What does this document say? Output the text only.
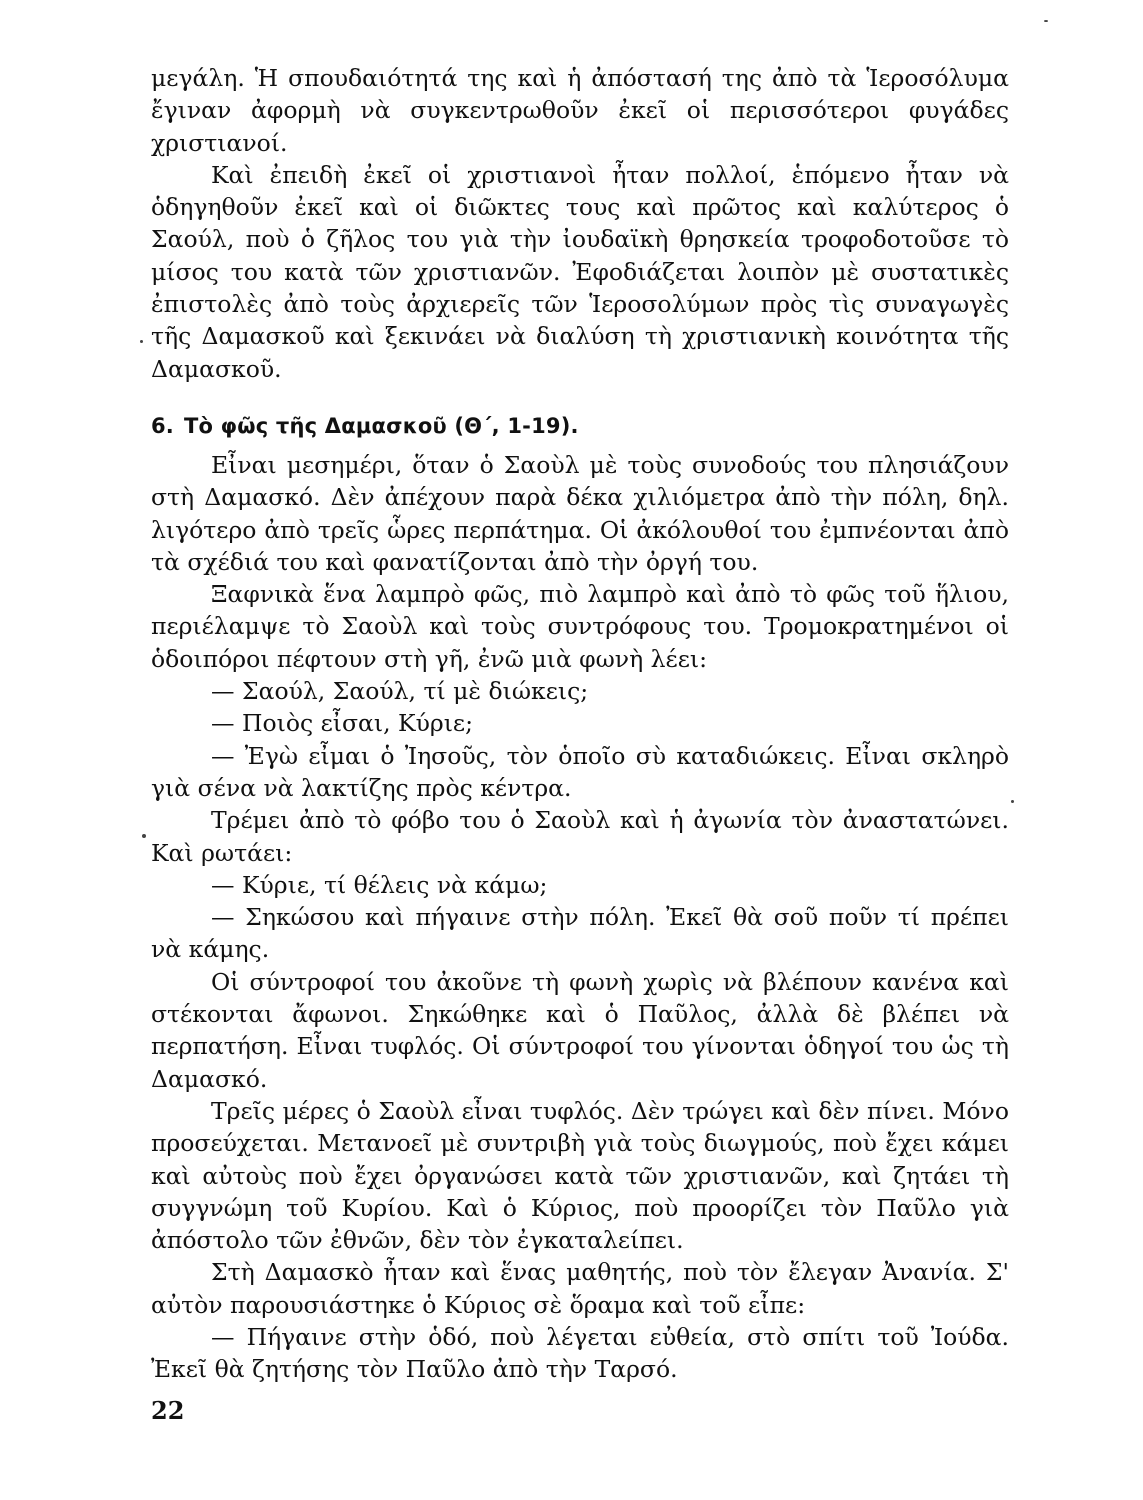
μεγάλη. Ἡ σπουδαιότητά της καὶ ἡ ἀπόστασή της ἀπὸ τὰ Ἱεροσόλυμα ἔγιναν ἀφορμὴ νὰ συγκεντρωθοῦν ἐκεῖ οἱ περισσότεροι φυγάδες χριστιανοί.

Καὶ ἐπειδὴ ἐκεῖ οἱ χριστιανοὶ ἦταν πολλοί, ἑπόμενο ἦταν νὰ ὁδηγηθοῦν ἐκεῖ καὶ οἱ διῶκτες τους καὶ πρῶτος καὶ καλύτερος ὁ Σαούλ, ποὺ ὁ ζῆλος του γιὰ τὴν ἰουδαϊκὴ θρησκεία τροφοδοτοῦσε τὸ μίσος του κατὰ τῶν χριστιανῶν. Ἐφοδιάζεται λοιπὸν μὲ συστατικὲς ἐπιστολὲς ἀπὸ τοὺς ἀρχιερεῖς τῶν Ἱεροσολύμων πρὸς τὶς συναγωγὲς τῆς Δαμασκοῦ καὶ ξεκινάει νὰ διαλύση τὴ χριστιανικὴ κοινότητα τῆς Δαμασκοῦ.

6. Τὸ φῶς τῆς Δαμασκοῦ (Θ΄, 1-19).

Εἶναι μεσημέρι, ὅταν ὁ Σαοὺλ μὲ τοὺς συνοδούς του πλησιάζουν στὴ Δαμασκό. Δὲν ἀπέχουν παρὰ δέκα χιλιόμετρα ἀπὸ τὴν πόλη, δηλ. λιγότερο ἀπὸ τρεῖς ὧρες περπάτημα. Οἱ ἀκόλουθοί του ἐμπνέονται ἀπὸ τὰ σχέδιά του καὶ φανατίζονται ἀπὸ τὴν ὀργή του.

Ξαφνικὰ ἕνα λαμπρὸ φῶς, πιὸ λαμπρὸ καὶ ἀπὸ τὸ φῶς τοῦ ἥλιου, περιέλαμψε τὸ Σαοὺλ καὶ τοὺς συντρόφους του. Τρομοκρατημένοι οἱ ὁδοιπόροι πέφτουν στὴ γῆ, ἐνῶ μιὰ φωνὴ λέει:

— Σαούλ, Σαούλ, τί μὲ διώκεις;

— Ποιὸς εἶσαι, Κύριε;

— Ἐγὼ εἶμαι ὁ Ἰησοῦς, τὸν ὁποῖο σὺ καταδιώκεις. Εἶναι σκληρὸ γιὰ σένα νὰ λακτίζης πρὸς κέντρα.

Τρέμει ἀπὸ τὸ φόβο του ὁ Σαοὺλ καὶ ἡ ἀγωνία τὸν ἀναστατώνει. Καὶ ρωτάει:

— Κύριε, τί θέλεις νὰ κάμω;

— Σηκώσου καὶ πήγαινε στὴν πόλη. Ἐκεῖ θὰ σοῦ ποῦν τί πρέπει νὰ κάμης.

Οἱ σύντροφοί του ἀκοῦνε τὴ φωνὴ χωρὶς νὰ βλέπουν κανένα καὶ στέκονται ἄφωνοι. Σηκώθηκε καὶ ὁ Παῦλος, ἀλλὰ δὲ βλέπει νὰ περπατήση. Εἶναι τυφλός. Οἱ σύντροφοί του γίνονται ὁδηγοί του ὡς τὴ Δαμασκό.

Τρεῖς μέρες ὁ Σαοὺλ εἶναι τυφλός. Δὲν τρώγει καὶ δὲν πίνει. Μόνο προσεύχεται. Μετανοεῖ μὲ συντριβὴ γιὰ τοὺς διωγμούς, ποὺ ἔχει κάμει καὶ αὐτοὺς ποὺ ἔχει ὀργανώσει κατὰ τῶν χριστιανῶν, καὶ ζητάει τὴ συγγνώμη τοῦ Κυρίου. Καὶ ὁ Κύριος, ποὺ προορίζει τὸν Παῦλο γιὰ ἀπόστολο τῶν ἐθνῶν, δὲν τὸν ἐγκαταλείπει.

Στὴ Δαμασκὸ ἦταν καὶ ἕνας μαθητής, ποὺ τὸν ἔλεγαν Ἀνανία. Σ' αὐτὸν παρουσιάστηκε ὁ Κύριος σὲ ὅραμα καὶ τοῦ εἶπε:

— Πήγαινε στὴν ὁδό, ποὺ λέγεται εὐθεία, στὸ σπίτι τοῦ Ἰούδα. Ἐκεῖ θὰ ζητήσης τὸν Παῦλο ἀπὸ τὴν Ταρσό.

22
